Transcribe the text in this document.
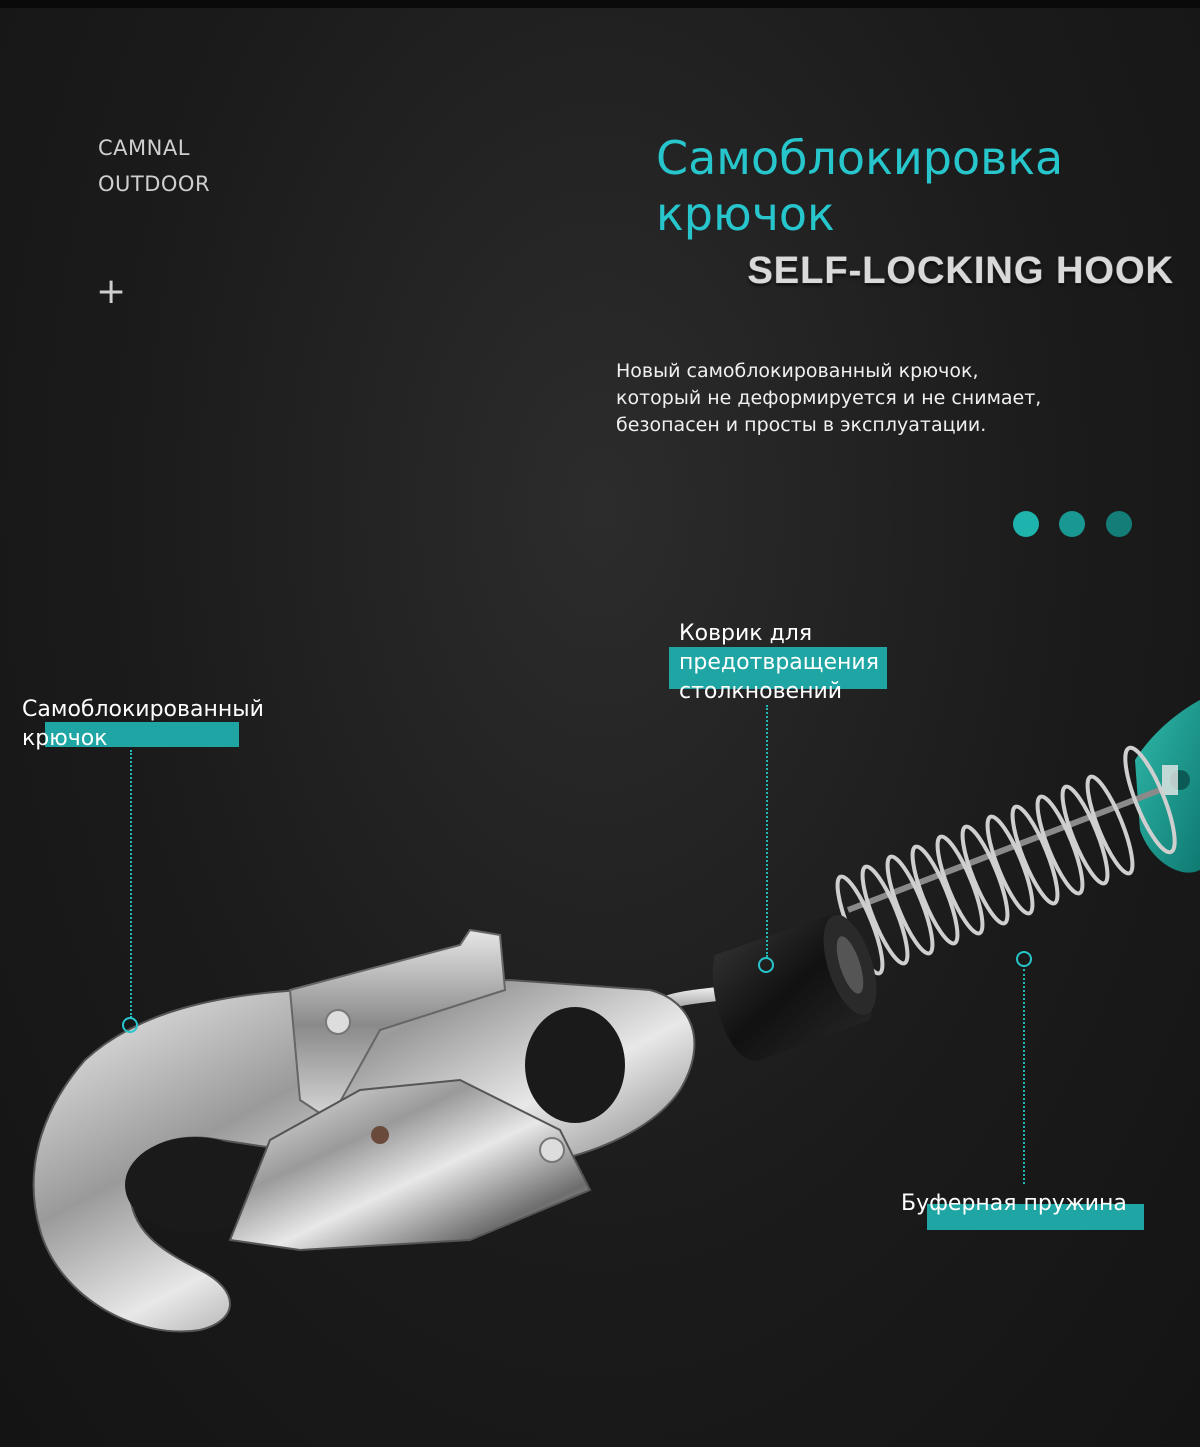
CAMNAL
OUTDOOR
+
Самоблокировка
крючок
SELF-LOCKING HOOK
Новый самоблокированный крючок,
который не деформируется и не снимает,
безопасен и просты в эксплуатации.
Самоблокированный
крючок
Коврик для
предотвращения
столкновений
Буферная пружина
